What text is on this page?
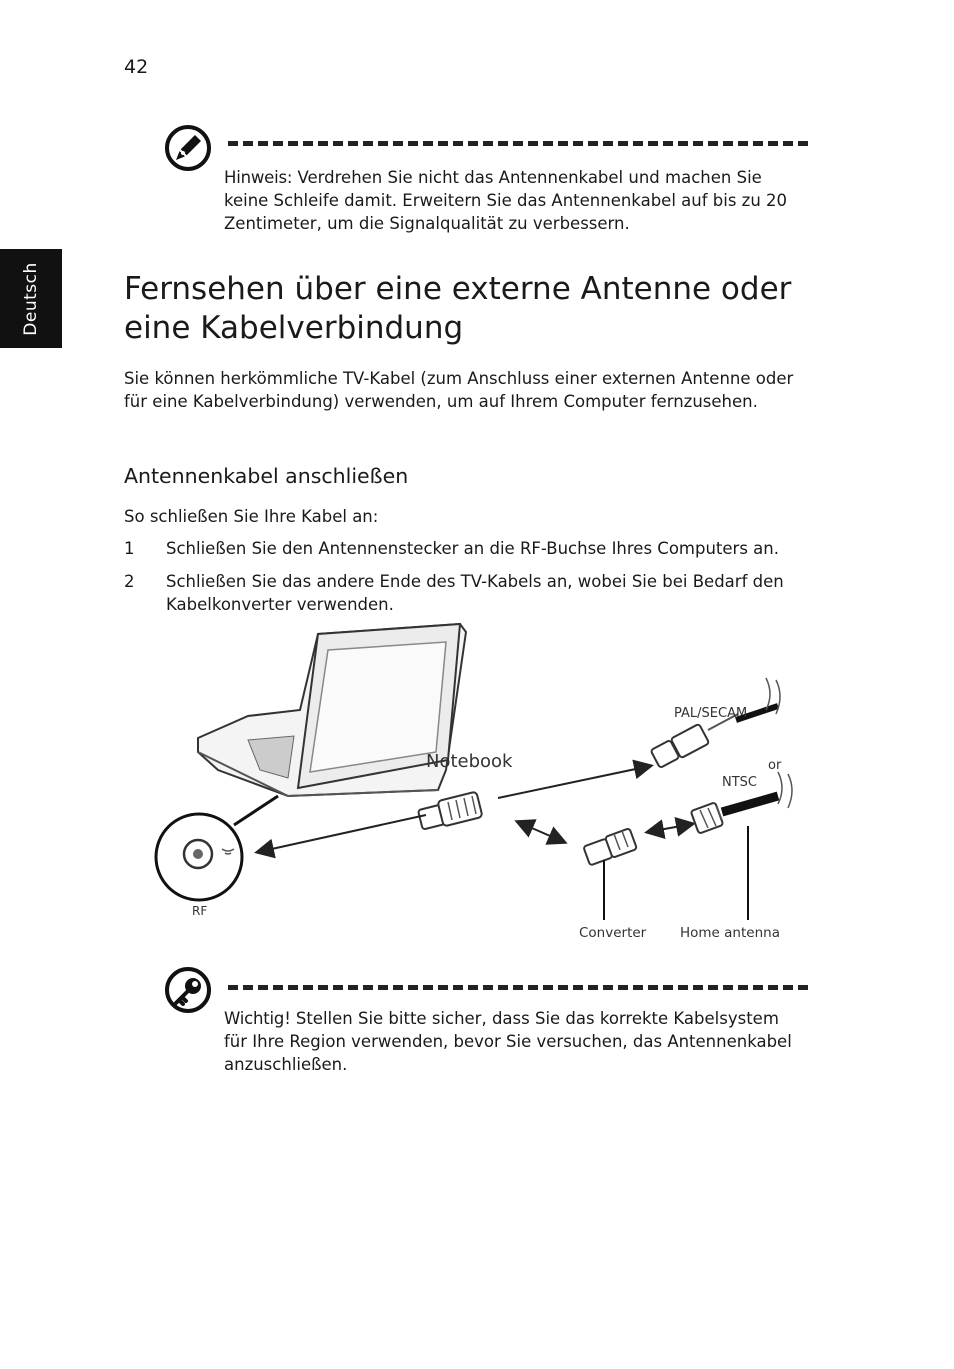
42
Deutsch
Hinweis: Verdrehen Sie nicht das Antennenkabel und machen Sie keine Schleife damit. Erweitern Sie das Antennenkabel auf bis zu 20 Zentimeter, um die Signalqualität zu verbessern.
Fernsehen über eine externe Antenne oder eine Kabelverbindung
Sie können herkömmliche TV-Kabel (zum Anschluss einer externen Antenne oder für eine Kabelverbindung) verwenden, um auf Ihrem Computer fernzusehen.
Antennenkabel anschließen
So schließen Sie Ihre Kabel an:
1 Schließen Sie den Antennenstecker an die RF-Buchse Ihres Computers an.
2 Schließen Sie das andere Ende des TV-Kabels an, wobei Sie bei Bedarf den Kabelkonverter verwenden.
Notebook
RF
PAL/SECAM
or
NTSC
Converter	Home antenna
Wichtig! Stellen Sie bitte sicher, dass Sie das korrekte Kabelsystem für Ihre Region verwenden, bevor Sie versuchen, das Antennenkabel anzuschließen.
